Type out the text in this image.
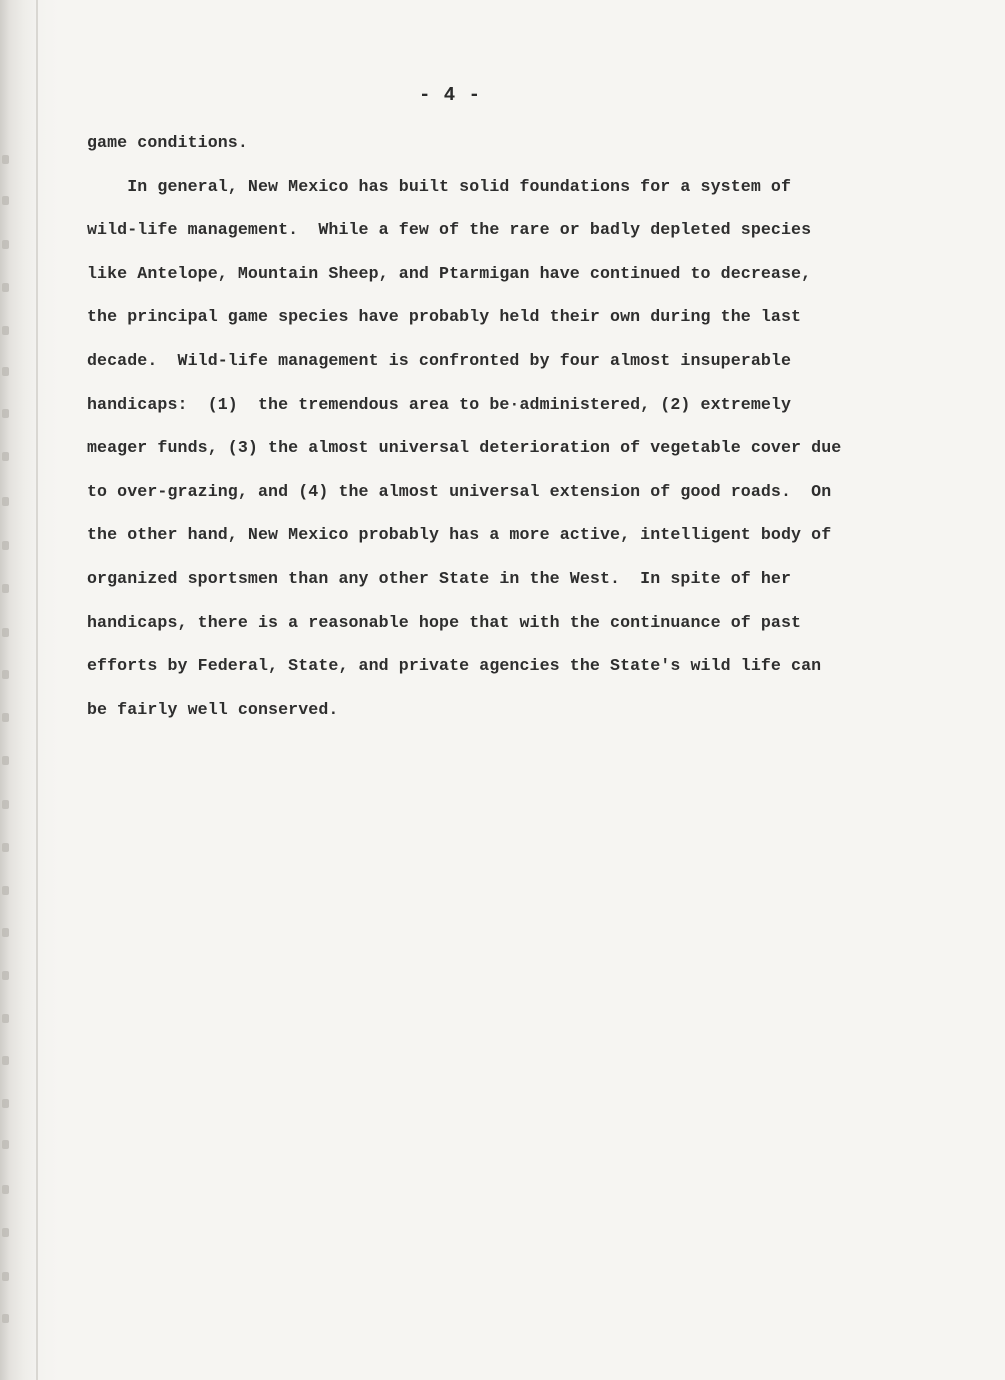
- 4 -
game conditions.
In general, New Mexico has built solid foundations for a system of
wild-life management.  While a few of the rare or badly depleted species
like Antelope, Mountain Sheep, and Ptarmigan have continued to decrease,
the principal game species have probably held their own during the last
decade.  Wild-life management is confronted by four almost insuperable
handicaps:  (1)  the tremendous area to be·administered, (2) extremely
meager funds, (3) the almost universal deterioration of vegetable cover due
to over-grazing, and (4) the almost universal extension of good roads.  On
the other hand, New Mexico probably has a more active, intelligent body of
organized sportsmen than any other State in the West.  In spite of her
handicaps, there is a reasonable hope that with the continuance of past
efforts by Federal, State, and private agencies the State's wild life can
be fairly well conserved.
